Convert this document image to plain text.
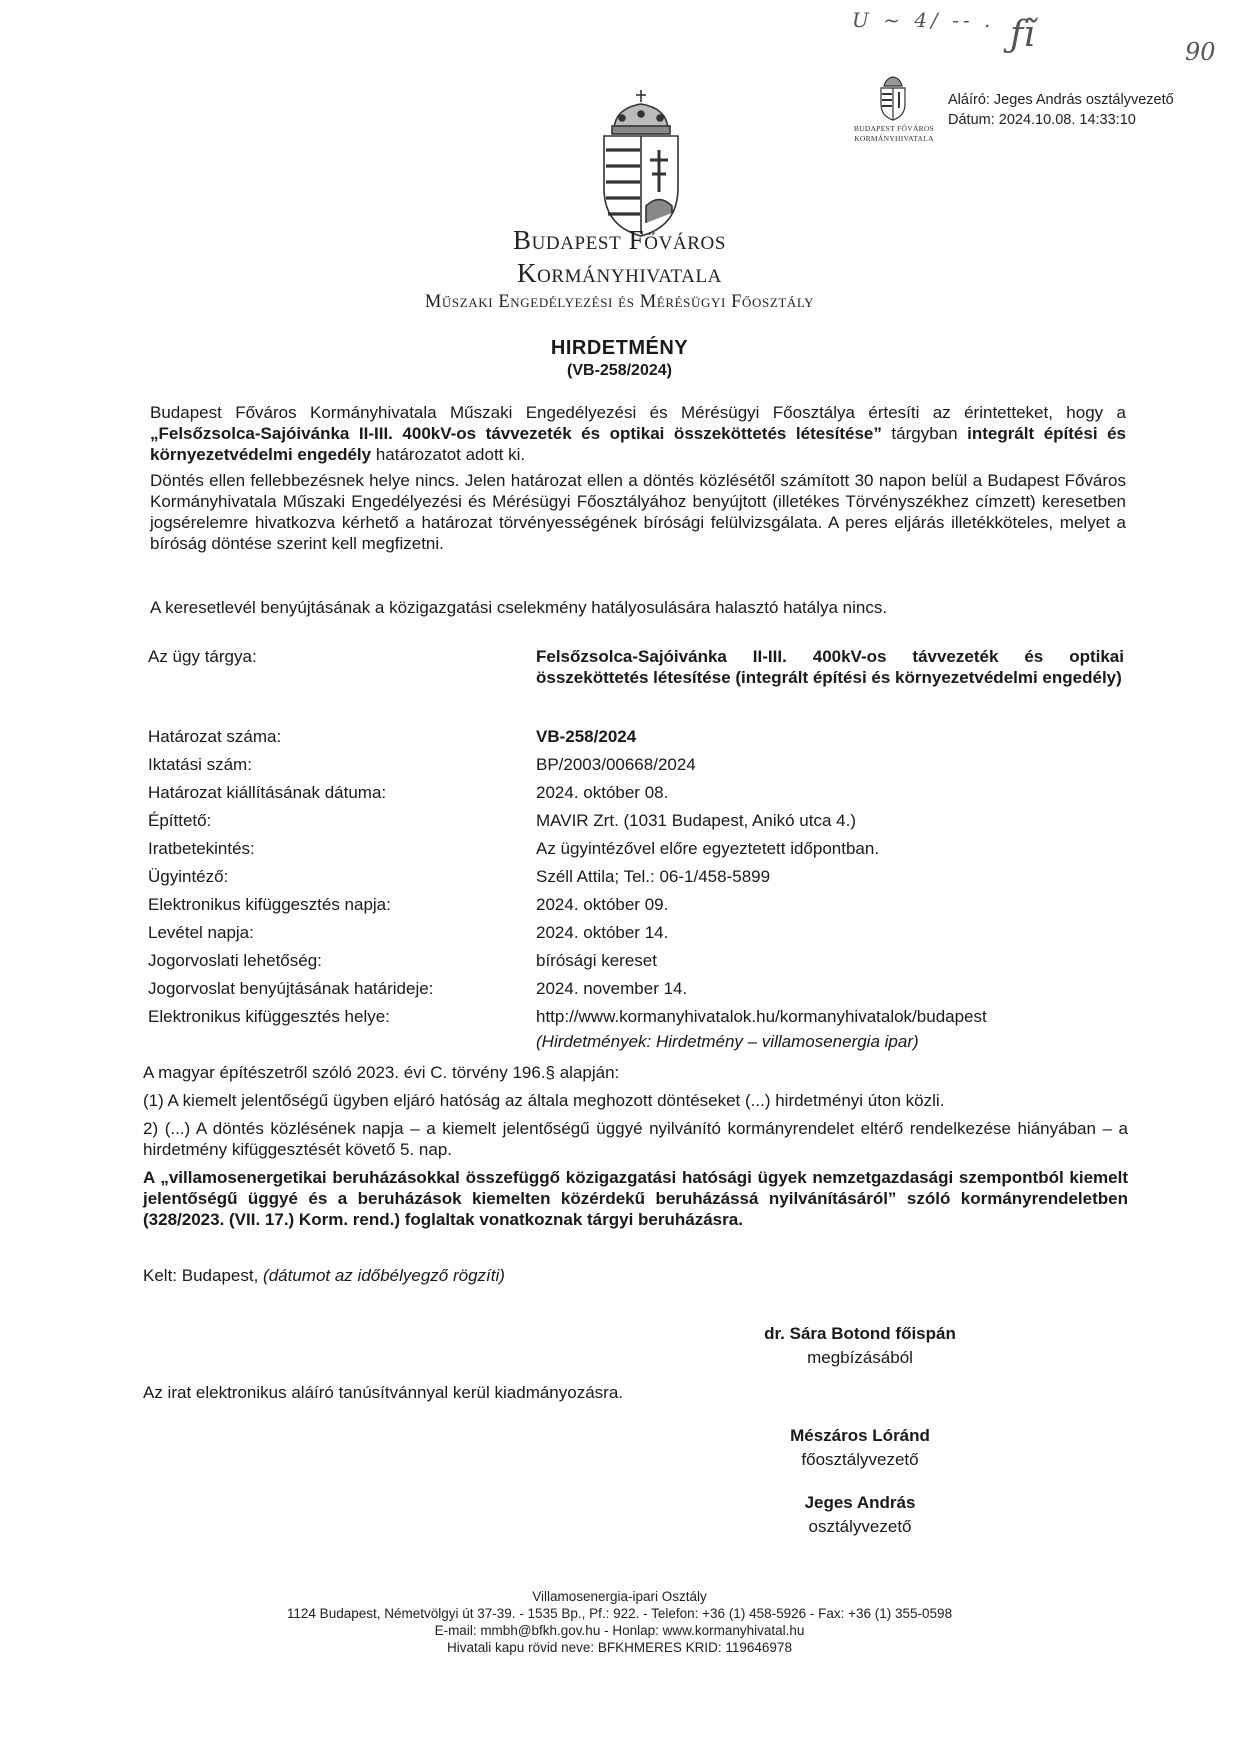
U ~ 4/ -- . ƒĩ	90
BUDAPEST FŐVÁROS
KORMÁNYHIVATALA
Aláíró: Jeges András osztályvezető
Dátum: 2024.10.08. 14:33:10
Budapest Főváros
Kormányhivatala
Műszaki Engedélyezési és Mérésügyi Főosztály
HIRDETMÉNY
(VB-258/2024)
Budapest Főváros Kormányhivatala Műszaki Engedélyezési és Mérésügyi Főosztálya értesíti az érintetteket, hogy a „Felsőzsolca-Sajóivánka II-III. 400kV-os távvezeték és optikai összeköttetés létesítése” tárgyban integrált építési és környezetvédelmi engedély határozatot adott ki.
Döntés ellen fellebbezésnek helye nincs. Jelen határozat ellen a döntés közlésétől számított 30 napon belül a Budapest Főváros Kormányhivatala Műszaki Engedélyezési és Mérésügyi Főosztályához benyújtott (illetékes Törvényszékhez címzett) keresetben jogsérelemre hivatkozva kérhető a határozat törvényességének bírósági felülvizsgálata. A peres eljárás illetékköteles, melyet a bíróság döntése szerint kell megfizetni.
A keresetlevél benyújtásának a közigazgatási cselekmény hatályosulására halasztó hatálya nincs.
Az ügy tárgya:	Felsőzsolca-Sajóivánka II-III. 400kV-os távvezeték és optikai összeköttetés létesítése (integrált építési és környezetvédelmi engedély)
Határozat száma:	VB-258/2024
Iktatási szám:	BP/2003/00668/2024
Határozat kiállításának dátuma:	2024. október 08.
Építtető:	MAVIR Zrt. (1031 Budapest, Anikó utca 4.)
Iratbetekintés:	Az ügyintézővel előre egyeztetett időpontban.
Ügyintéző:	Széll Attila; Tel.: 06-1/458-5899
Elektronikus kifüggesztés napja:	2024. október 09.
Levétel napja:	2024. október 14.
Jogorvoslati lehetőség:	bírósági kereset
Jogorvoslat benyújtásának határideje:	2024. november 14.
Elektronikus kifüggesztés helye:	http://www.kormanyhivatalok.hu/kormanyhivatalok/budapest
(Hirdetmények: Hirdetmény – villamosenergia ipar)
A magyar építészetről szóló 2023. évi C. törvény 196.§ alapján:
(1) A kiemelt jelentőségű ügyben eljáró hatóság az általa meghozott döntéseket (...) hirdetményi úton közli.
2) (...) A döntés közlésének napja – a kiemelt jelentőségű üggyé nyilvánító kormányrendelet eltérő rendelkezése hiányában – a hirdetmény kifüggesztését követő 5. nap.
A „villamosenergetikai beruházásokkal összefüggő közigazgatási hatósági ügyek nemzetgazdasági szempontból kiemelt jelentőségű üggyé és a beruházások kiemelten közérdekű beruházássá nyilvánításáról” szóló kormányrendeletben (328/2023. (VII. 17.) Korm. rend.) foglaltak vonatkoznak tárgyi beruházásra.
Kelt: Budapest, (dátumot az időbélyegző rögzíti)
dr. Sára Botond főispán
megbízásából
Az irat elektronikus aláíró tanúsítvánnyal kerül kiadmányozásra.
Mészáros Lóránd
főosztályvezető
Jeges András
osztályvezető
Villamosenergia-ipari Osztály
1124 Budapest, Németvölgyi út 37-39. - 1535 Bp., Pf.: 922. - Telefon: +36 (1) 458-5926 - Fax: +36 (1) 355-0598
E-mail: mmbh@bfkh.gov.hu - Honlap: www.kormanyhivatal.hu
Hivatali kapu rövid neve: BFKHMERES KRID: 119646978
